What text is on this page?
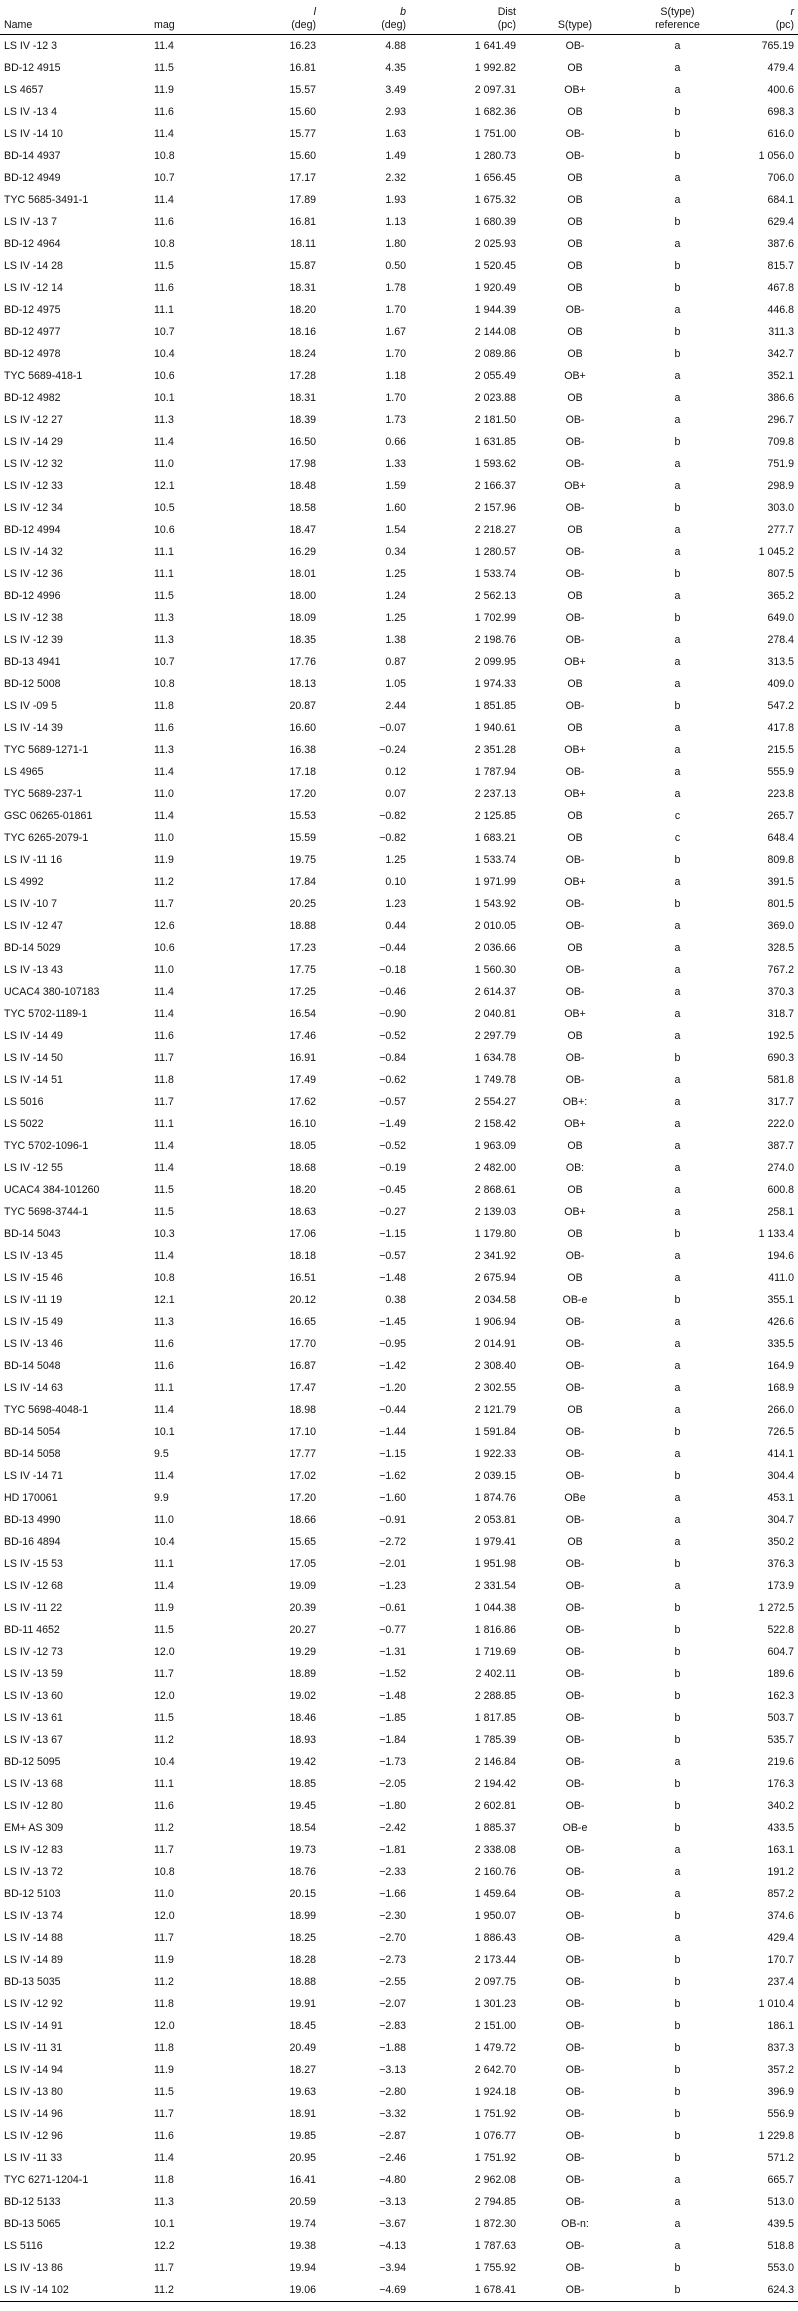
		l	b	Dist		S(type)	r
Name	mag	(deg)	(deg)	(pc)	S(type)	reference	(pc)
LS IV -12 3	11.4	16.23	4.88	1 641.49	OB-	a	765.19
BD-12 4915	11.5	16.81	4.35	1 992.82	OB	a	479.4
LS 4657	11.9	15.57	3.49	2 097.31	OB+	a	400.6
LS IV -13 4	11.6	15.60	2.93	1 682.36	OB	b	698.3
LS IV -14 10	11.4	15.77	1.63	1 751.00	OB-	b	616.0
BD-14 4937	10.8	15.60	1.49	1 280.73	OB-	b	1 056.0
BD-12 4949	10.7	17.17	2.32	1 656.45	OB	a	706.0
TYC 5685-3491-1	11.4	17.89	1.93	1 675.32	OB	a	684.1
LS IV -13 7	11.6	16.81	1.13	1 680.39	OB	b	629.4
BD-12 4964	10.8	18.11	1.80	2 025.93	OB	a	387.6
LS IV -14 28	11.5	15.87	0.50	1 520.45	OB	b	815.7
LS IV -12 14	11.6	18.31	1.78	1 920.49	OB	b	467.8
BD-12 4975	11.1	18.20	1.70	1 944.39	OB-	a	446.8
BD-12 4977	10.7	18.16	1.67	2 144.08	OB	b	311.3
BD-12 4978	10.4	18.24	1.70	2 089.86	OB	b	342.7
TYC 5689-418-1	10.6	17.28	1.18	2 055.49	OB+	a	352.1
BD-12 4982	10.1	18.31	1.70	2 023.88	OB	a	386.6
LS IV -12 27	11.3	18.39	1.73	2 181.50	OB-	a	296.7
LS IV -14 29	11.4	16.50	0.66	1 631.85	OB-	b	709.8
LS IV -12 32	11.0	17.98	1.33	1 593.62	OB-	a	751.9
LS IV -12 33	12.1	18.48	1.59	2 166.37	OB+	a	298.9
LS IV -12 34	10.5	18.58	1.60	2 157.96	OB-	b	303.0
BD-12 4994	10.6	18.47	1.54	2 218.27	OB	a	277.7
LS IV -14 32	11.1	16.29	0.34	1 280.57	OB-	a	1 045.2
LS IV -12 36	11.1	18.01	1.25	1 533.74	OB-	b	807.5
BD-12 4996	11.5	18.00	1.24	2 562.13	OB	a	365.2
LS IV -12 38	11.3	18.09	1.25	1 702.99	OB-	b	649.0
LS IV -12 39	11.3	18.35	1.38	2 198.76	OB-	a	278.4
BD-13 4941	10.7	17.76	0.87	2 099.95	OB+	a	313.5
BD-12 5008	10.8	18.13	1.05	1 974.33	OB	a	409.0
LS IV -09 5	11.8	20.87	2.44	1 851.85	OB-	b	547.2
LS IV -14 39	11.6	16.60	−0.07	1 940.61	OB	a	417.8
TYC 5689-1271-1	11.3	16.38	−0.24	2 351.28	OB+	a	215.5
LS 4965	11.4	17.18	0.12	1 787.94	OB-	a	555.9
TYC 5689-237-1	11.0	17.20	0.07	2 237.13	OB+	a	223.8
GSC 06265-01861	11.4	15.53	−0.82	2 125.85	OB	c	265.7
TYC 6265-2079-1	11.0	15.59	−0.82	1 683.21	OB	c	648.4
LS IV -11 16	11.9	19.75	1.25	1 533.74	OB-	b	809.8
LS 4992	11.2	17.84	0.10	1 971.99	OB+	a	391.5
LS IV -10 7	11.7	20.25	1.23	1 543.92	OB-	b	801.5
LS IV -12 47	12.6	18.88	0.44	2 010.05	OB-	a	369.0
BD-14 5029	10.6	17.23	−0.44	2 036.66	OB	a	328.5
LS IV -13 43	11.0	17.75	−0.18	1 560.30	OB-	a	767.2
UCAC4 380-107183	11.4	17.25	−0.46	2 614.37	OB-	a	370.3
TYC 5702-1189-1	11.4	16.54	−0.90	2 040.81	OB+	a	318.7
LS IV -14 49	11.6	17.46	−0.52	2 297.79	OB	a	192.5
LS IV -14 50	11.7	16.91	−0.84	1 634.78	OB-	b	690.3
LS IV -14 51	11.8	17.49	−0.62	1 749.78	OB-	a	581.8
LS 5016	11.7	17.62	−0.57	2 554.27	OB+:	a	317.7
LS 5022	11.1	16.10	−1.49	2 158.42	OB+	a	222.0
TYC 5702-1096-1	11.4	18.05	−0.52	1 963.09	OB	a	387.7
LS IV -12 55	11.4	18.68	−0.19	2 482.00	OB:	a	274.0
UCAC4 384-101260	11.5	18.20	−0.45	2 868.61	OB	a	600.8
TYC 5698-3744-1	11.5	18.63	−0.27	2 139.03	OB+	a	258.1
BD-14 5043	10.3	17.06	−1.15	1 179.80	OB	b	1 133.4
LS IV -13 45	11.4	18.18	−0.57	2 341.92	OB-	a	194.6
LS IV -15 46	10.8	16.51	−1.48	2 675.94	OB	a	411.0
LS IV -11 19	12.1	20.12	0.38	2 034.58	OB-e	b	355.1
LS IV -15 49	11.3	16.65	−1.45	1 906.94	OB-	a	426.6
LS IV -13 46	11.6	17.70	−0.95	2 014.91	OB-	a	335.5
BD-14 5048	11.6	16.87	−1.42	2 308.40	OB-	a	164.9
LS IV -14 63	11.1	17.47	−1.20	2 302.55	OB-	a	168.9
TYC 5698-4048-1	11.4	18.98	−0.44	2 121.79	OB	a	266.0
BD-14 5054	10.1	17.10	−1.44	1 591.84	OB-	b	726.5
BD-14 5058	9.5	17.77	−1.15	1 922.33	OB-	a	414.1
LS IV -14 71	11.4	17.02	−1.62	2 039.15	OB-	b	304.4
HD 170061	9.9	17.20	−1.60	1 874.76	OBe	a	453.1
BD-13 4990	11.0	18.66	−0.91	2 053.81	OB-	a	304.7
BD-16 4894	10.4	15.65	−2.72	1 979.41	OB	a	350.2
LS IV -15 53	11.1	17.05	−2.01	1 951.98	OB-	b	376.3
LS IV -12 68	11.4	19.09	−1.23	2 331.54	OB-	a	173.9
LS IV -11 22	11.9	20.39	−0.61	1 044.38	OB-	b	1 272.5
BD-11 4652	11.5	20.27	−0.77	1 816.86	OB-	b	522.8
LS IV -12 73	12.0	19.29	−1.31	1 719.69	OB-	b	604.7
LS IV -13 59	11.7	18.89	−1.52	2 402.11	OB-	b	189.6
LS IV -13 60	12.0	19.02	−1.48	2 288.85	OB-	b	162.3
LS IV -13 61	11.5	18.46	−1.85	1 817.85	OB-	b	503.7
LS IV -13 67	11.2	18.93	−1.84	1 785.39	OB-	b	535.7
BD-12 5095	10.4	19.42	−1.73	2 146.84	OB-	a	219.6
LS IV -13 68	11.1	18.85	−2.05	2 194.42	OB-	b	176.3
LS IV -12 80	11.6	19.45	−1.80	2 602.81	OB-	b	340.2
EM+ AS 309	11.2	18.54	−2.42	1 885.37	OB-e	b	433.5
LS IV -12 83	11.7	19.73	−1.81	2 338.08	OB-	a	163.1
LS IV -13 72	10.8	18.76	−2.33	2 160.76	OB-	a	191.2
BD-12 5103	11.0	20.15	−1.66	1 459.64	OB-	a	857.2
LS IV -13 74	12.0	18.99	−2.30	1 950.07	OB-	b	374.6
LS IV -14 88	11.7	18.25	−2.70	1 886.43	OB-	a	429.4
LS IV -14 89	11.9	18.28	−2.73	2 173.44	OB-	b	170.7
BD-13 5035	11.2	18.88	−2.55	2 097.75	OB-	b	237.4
LS IV -12 92	11.8	19.91	−2.07	1 301.23	OB-	b	1 010.4
LS IV -14 91	12.0	18.45	−2.83	2 151.00	OB-	b	186.1
LS IV -11 31	11.8	20.49	−1.88	1 479.72	OB-	b	837.3
LS IV -14 94	11.9	18.27	−3.13	2 642.70	OB-	b	357.2
LS IV -13 80	11.5	19.63	−2.80	1 924.18	OB-	b	396.9
LS IV -14 96	11.7	18.91	−3.32	1 751.92	OB-	b	556.9
LS IV -12 96	11.6	19.85	−2.87	1 076.77	OB-	b	1 229.8
LS IV -11 33	11.4	20.95	−2.46	1 751.92	OB-	b	571.2
TYC 6271-1204-1	11.8	16.41	−4.80	2 962.08	OB-	a	665.7
BD-12 5133	11.3	20.59	−3.13	2 794.85	OB-	a	513.0
BD-13 5065	10.1	19.74	−3.67	1 872.30	OB-n:	a	439.5
LS 5116	12.2	19.38	−4.13	1 787.63	OB-	a	518.8
LS IV -13 86	11.7	19.94	−3.94	1 755.92	OB-	b	553.0
LS IV -14 102	11.2	19.06	−4.69	1 678.41	OB-	b	624.3
